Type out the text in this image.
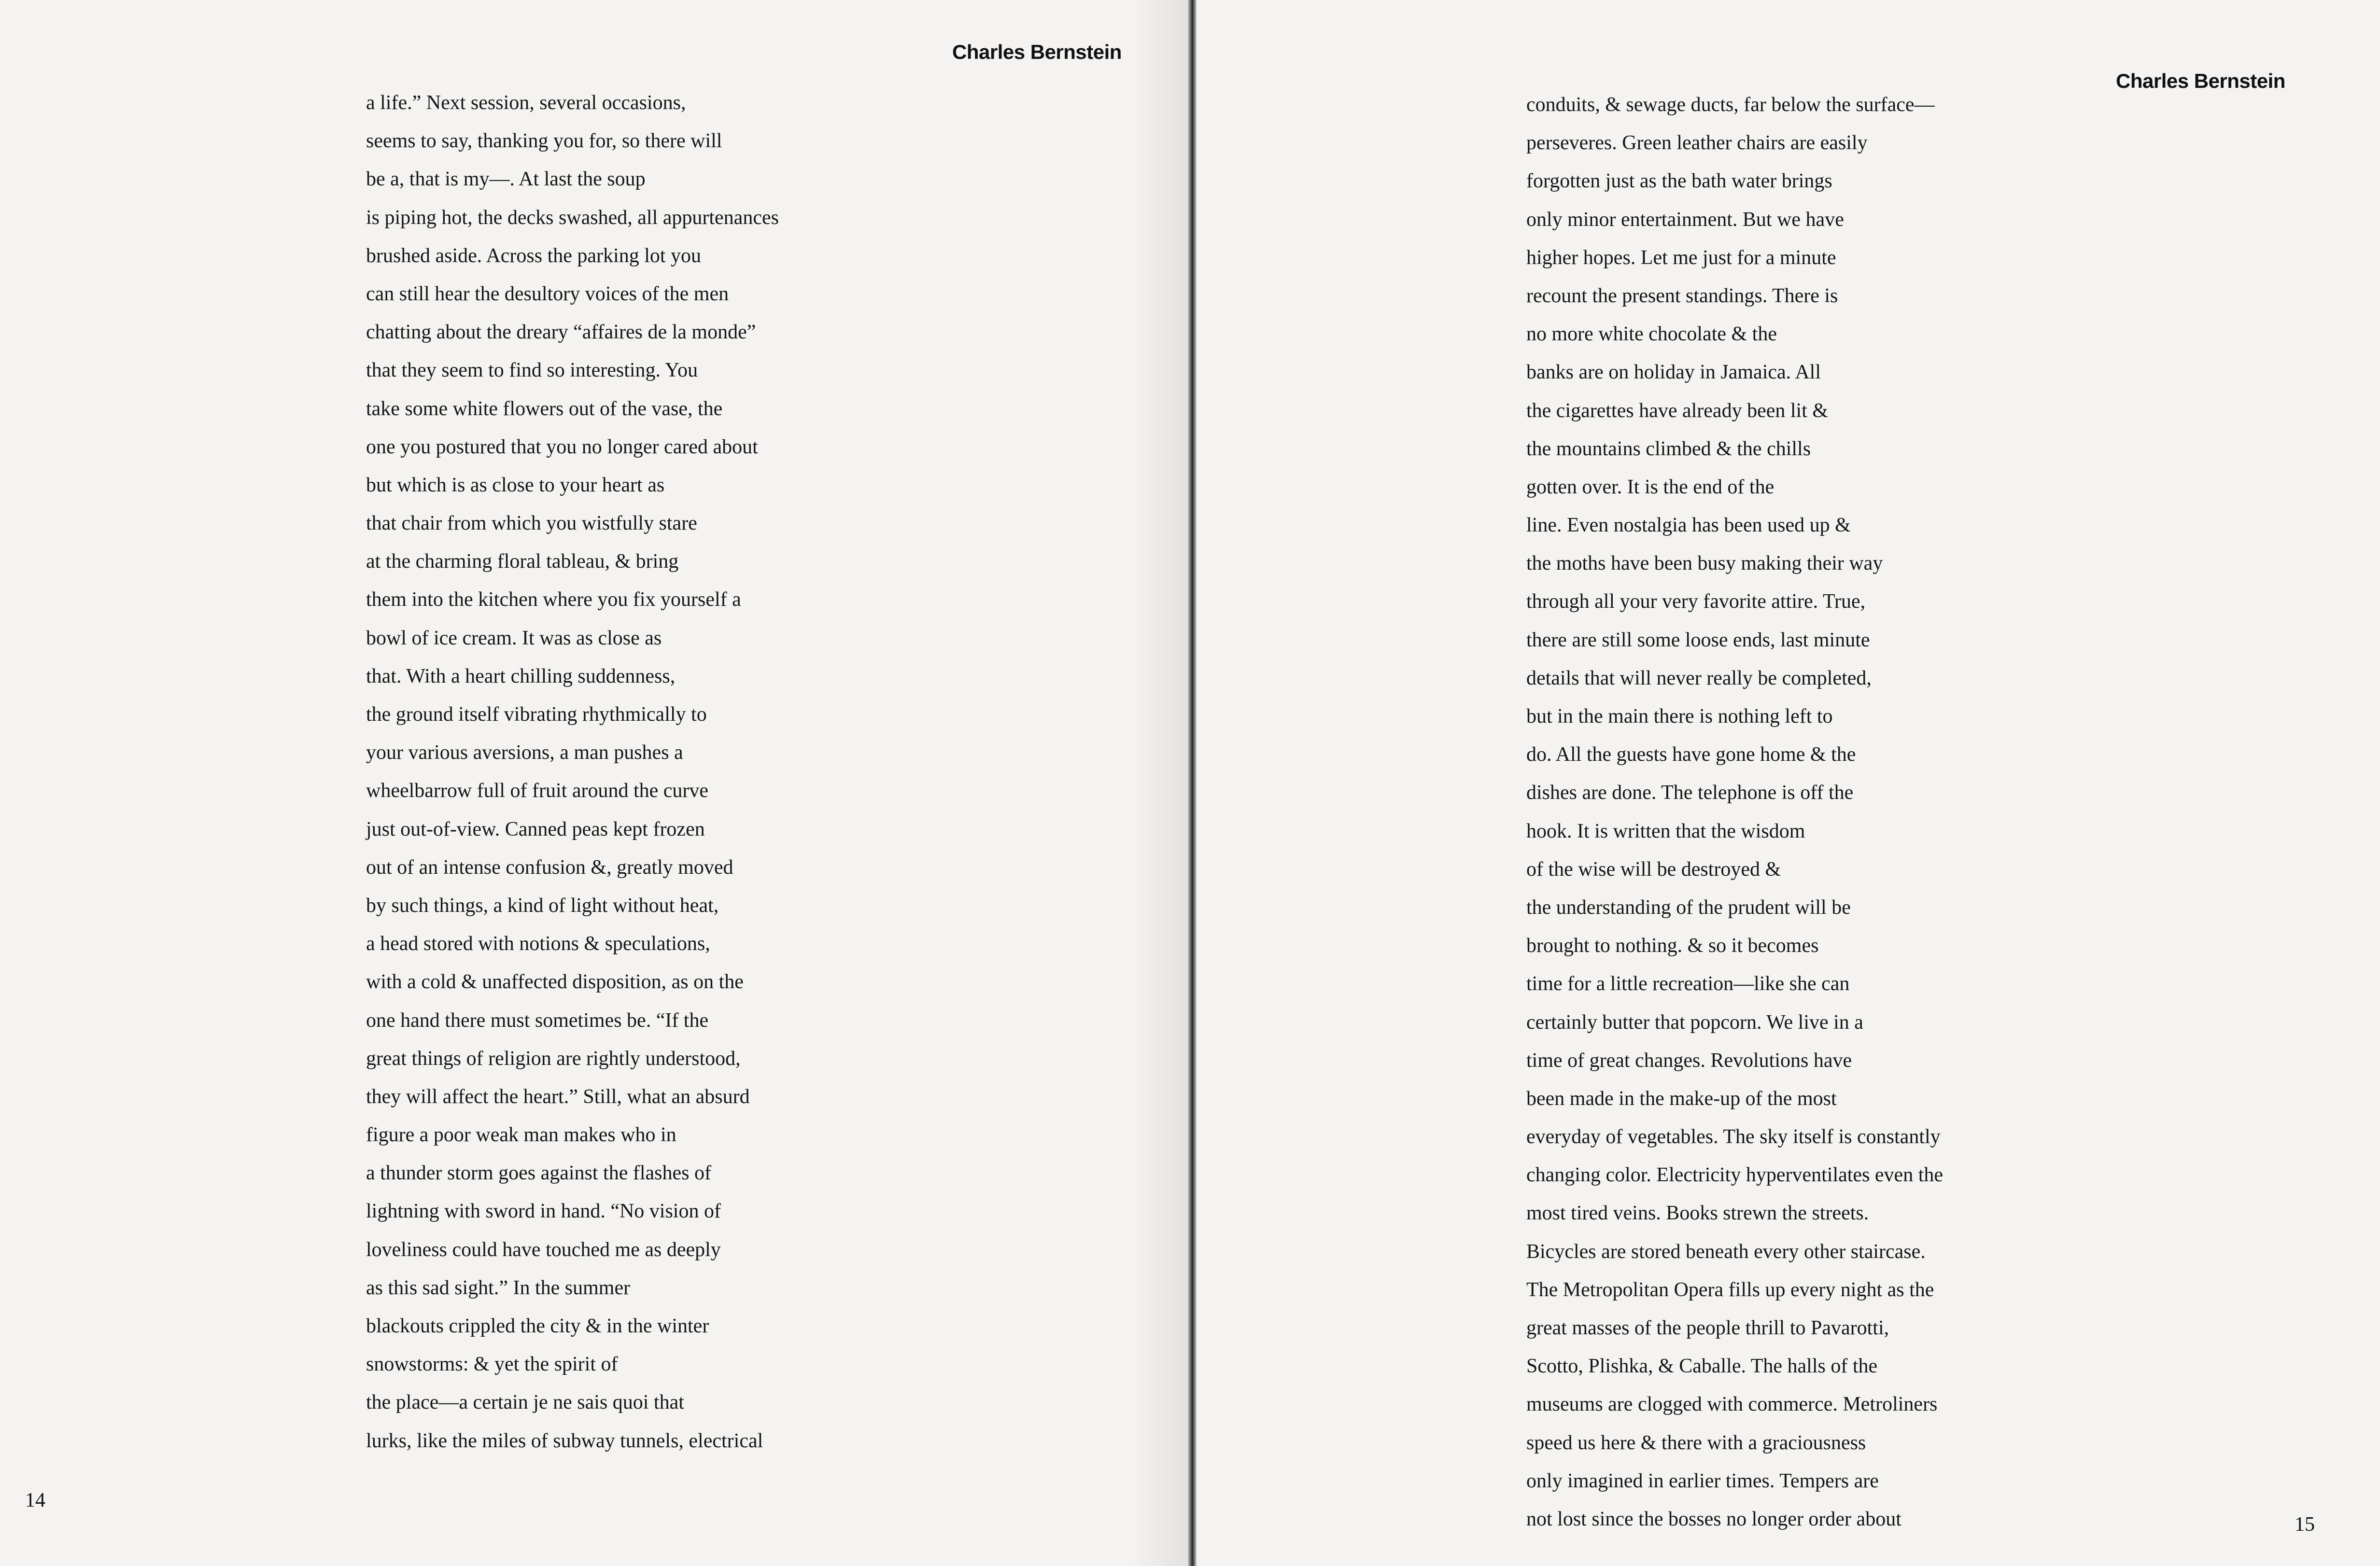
Charles Bernstein
a life.” Next session, several occasions,
seems to say, thanking you for, so there will
be a, that is my—. At last the soup
is piping hot, the decks swashed, all appurtenances
brushed aside. Across the parking lot you
can still hear the desultory voices of the men
chatting about the dreary “affaires de la monde”
that they seem to find so interesting. You
take some white flowers out of the vase, the
one you postured that you no longer cared about
but which is as close to your heart as
that chair from which you wistfully stare
at the charming floral tableau, & bring
them into the kitchen where you fix yourself a
bowl of ice cream. It was as close as
that. With a heart chilling suddenness,
the ground itself vibrating rhythmically to
your various aversions, a man pushes a
wheelbarrow full of fruit around the curve
just out-of-view. Canned peas kept frozen
out of an intense confusion &, greatly moved
by such things, a kind of light without heat,
a head stored with notions & speculations,
with a cold & unaffected disposition, as on the
one hand there must sometimes be. “If the
great things of religion are rightly understood,
they will affect the heart.” Still, what an absurd
figure a poor weak man makes who in
a thunder storm goes against the flashes of
lightning with sword in hand. “No vision of
loveliness could have touched me as deeply
as this sad sight.” In the summer
blackouts crippled the city & in the winter
snowstorms: & yet the spirit of
the place—a certain je ne sais quoi that
lurks, like the miles of subway tunnels, electrical
14
Charles Bernstein
conduits, & sewage ducts, far below the surface—
perseveres. Green leather chairs are easily
forgotten just as the bath water brings
only minor entertainment. But we have
higher hopes. Let me just for a minute
recount the present standings. There is
no more white chocolate & the
banks are on holiday in Jamaica. All
the cigarettes have already been lit &
the mountains climbed & the chills
gotten over. It is the end of the
line. Even nostalgia has been used up &
the moths have been busy making their way
through all your very favorite attire. True,
there are still some loose ends, last minute
details that will never really be completed,
but in the main there is nothing left to
do. All the guests have gone home & the
dishes are done. The telephone is off the
hook. It is written that the wisdom
of the wise will be destroyed &
the understanding of the prudent will be
brought to nothing. & so it becomes
time for a little recreation—like she can
certainly butter that popcorn. We live in a
time of great changes. Revolutions have
been made in the make-up of the most
everyday of vegetables. The sky itself is constantly
changing color. Electricity hyperventilates even the
most tired veins. Books strewn the streets.
Bicycles are stored beneath every other staircase.
The Metropolitan Opera fills up every night as the
great masses of the people thrill to Pavarotti,
Scotto, Plishka, & Caballe. The halls of the
museums are clogged with commerce. Metroliners
speed us here & there with a graciousness
only imagined in earlier times. Tempers are
not lost since the bosses no longer order about	15
